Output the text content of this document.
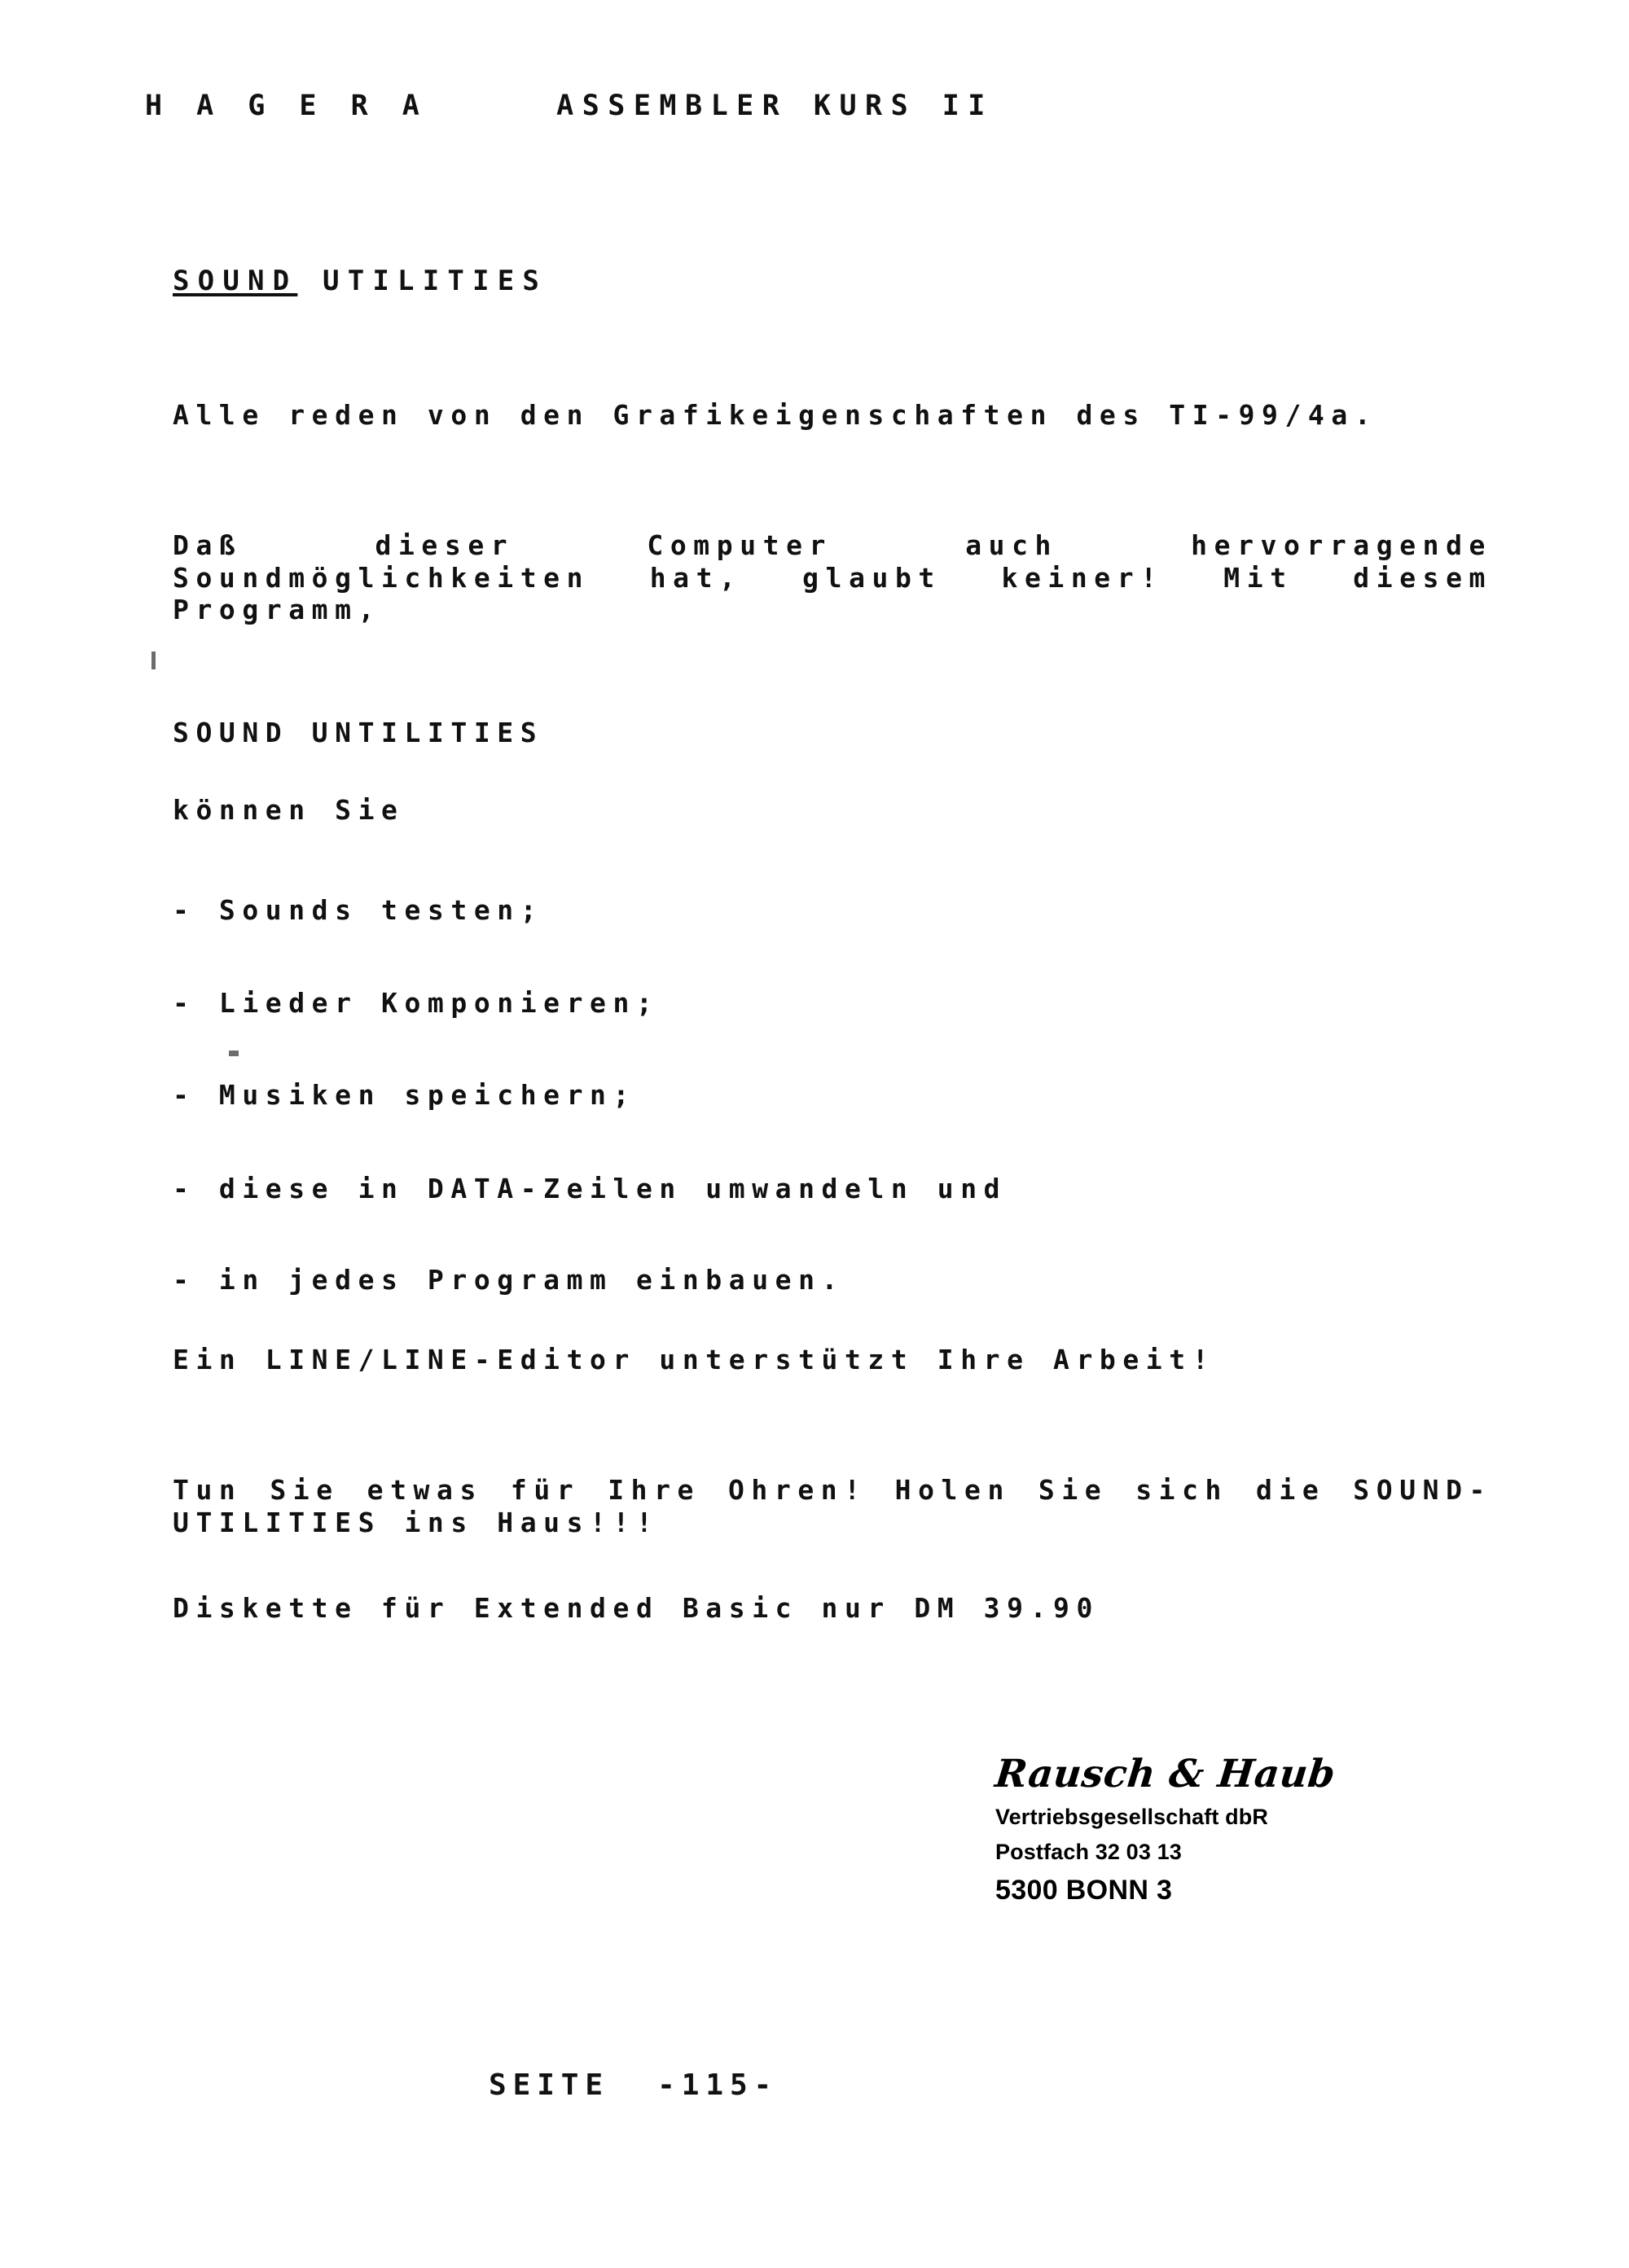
H A G E R A     ASSEMBLER KURS II
SOUND UTILITIES
Alle reden von den Grafikeigenschaften des TI-99/4a.
Daß dieser Computer auch hervorragende Soundmöglichkeiten hat, glaubt keiner! Mit diesem Programm,
SOUND UNTILITIES
können Sie
- Sounds testen;
- Lieder Komponieren;
- Musiken speichern;
- diese in DATA-Zeilen umwandeln und
- in jedes Programm einbauen.
Ein LINE/LINE-Editor unterstützt Ihre Arbeit!
Tun Sie etwas für Ihre Ohren! Holen Sie sich die SOUND-UTILITIES ins Haus!!!
Diskette für Extended Basic nur DM 39.90
Rausch & Haub
Vertriebsgesellschaft dbR
Postfach 32 03 13
5300 BONN 3
SEITE  -115-
